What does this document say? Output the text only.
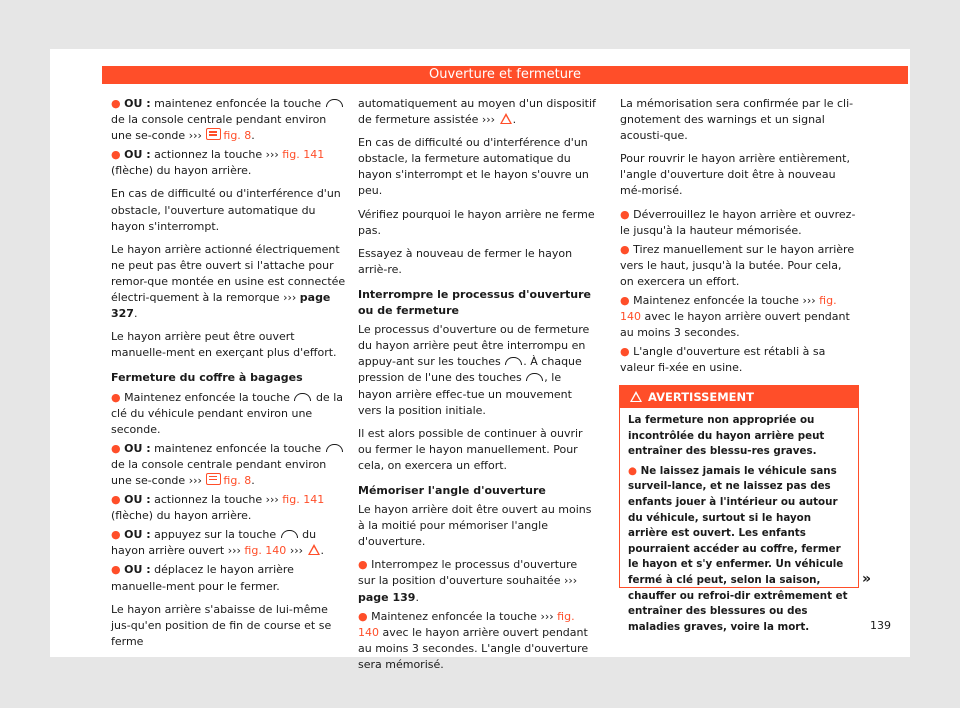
Ouverture et fermeture

● OU : maintenez enfoncée la touche  de la console centrale pendant environ une se-conde ››› fig. 8.

● OU : actionnez la touche ››› fig. 141 (flèche) du hayon arrière.

En cas de difficulté ou d'interférence d'un obstacle, l'ouverture automatique du hayon s'interrompt.

Le hayon arrière actionné électriquement ne peut pas être ouvert si l'attache pour remor-que montée en usine est connectée électri-quement à la remorque ››› page 327.

Le hayon arrière peut être ouvert manuelle-ment en exerçant plus d'effort.

Fermeture du coffre à bagages

● Maintenez enfoncée la touche de la clé du véhicule pendant environ une seconde.

● OU : maintenez enfoncée la touche  de la console centrale pendant environ une se-conde ››› fig. 8.

● OU : actionnez la touche ››› fig. 141 (flèche) du hayon arrière.

● OU : appuyez sur la touche du hayon arrière ouvert ››› fig. 140 ››› .

● OU : déplacez le hayon arrière manuelle-ment pour le fermer.

Le hayon arrière s'abaisse de lui-même jus-qu'en position de fin de course et se ferme

automatiquement au moyen d'un dispositif de fermeture assistée ››› .

En cas de difficulté ou d'interférence d'un obstacle, la fermeture automatique du hayon s'interrompt et le hayon s'ouvre un peu.

Vérifiez pourquoi le hayon arrière ne ferme pas.

Essayez à nouveau de fermer le hayon arriè-re.

Interrompre le processus d'ouverture ou de fermeture

Le processus d'ouverture ou de fermeture du hayon arrière peut être interrompu en appuy-ant sur les touches . À chaque pression de l'une des touches , le hayon arrière effec-tue un mouvement vers la position initiale.

Il est alors possible de continuer à ouvrir ou fermer le hayon manuellement. Pour cela, on exercera un effort.

Mémoriser l'angle d'ouverture

Le hayon arrière doit être ouvert au moins à la moitié pour mémoriser l'angle d'ouverture.

● Interrompez le processus d'ouverture sur la position d'ouverture souhaitée ››› page 139.

● Maintenez enfoncée la touche ››› fig. 140 avec le hayon arrière ouvert pendant au moins 3 secondes. L'angle d'ouverture sera mémorisé.

La mémorisation sera confirmée par le cli-gnotement des warnings et un signal acousti-que.

Pour rouvrir le hayon arrière entièrement, l'angle d'ouverture doit être à nouveau mé-morisé.

● Déverrouillez le hayon arrière et ouvrez-le jusqu'à la hauteur mémorisée.

● Tirez manuellement sur le hayon arrière vers le haut, jusqu'à la butée. Pour cela, on exercera un effort.

● Maintenez enfoncée la touche ››› fig. 140 avec le hayon arrière ouvert pendant au moins 3 secondes.

● L'angle d'ouverture est rétabli à sa valeur fi-xée en usine.

AVERTISSEMENT

La fermeture non appropriée ou incontrôlée du hayon arrière peut entraîner des blessu-res graves.

● Ne laissez jamais le véhicule sans surveil-lance, et ne laissez pas des enfants jouer à l'intérieur ou autour du véhicule, surtout si le hayon arrière est ouvert. Les enfants pourraient accéder au coffre, fermer le hayon et s'y enfermer. Un véhicule fermé à clé peut, selon la saison, chauffer ou refroi-dir extrêmement et entraîner des blessures ou des maladies graves, voire la mort.

»
139
